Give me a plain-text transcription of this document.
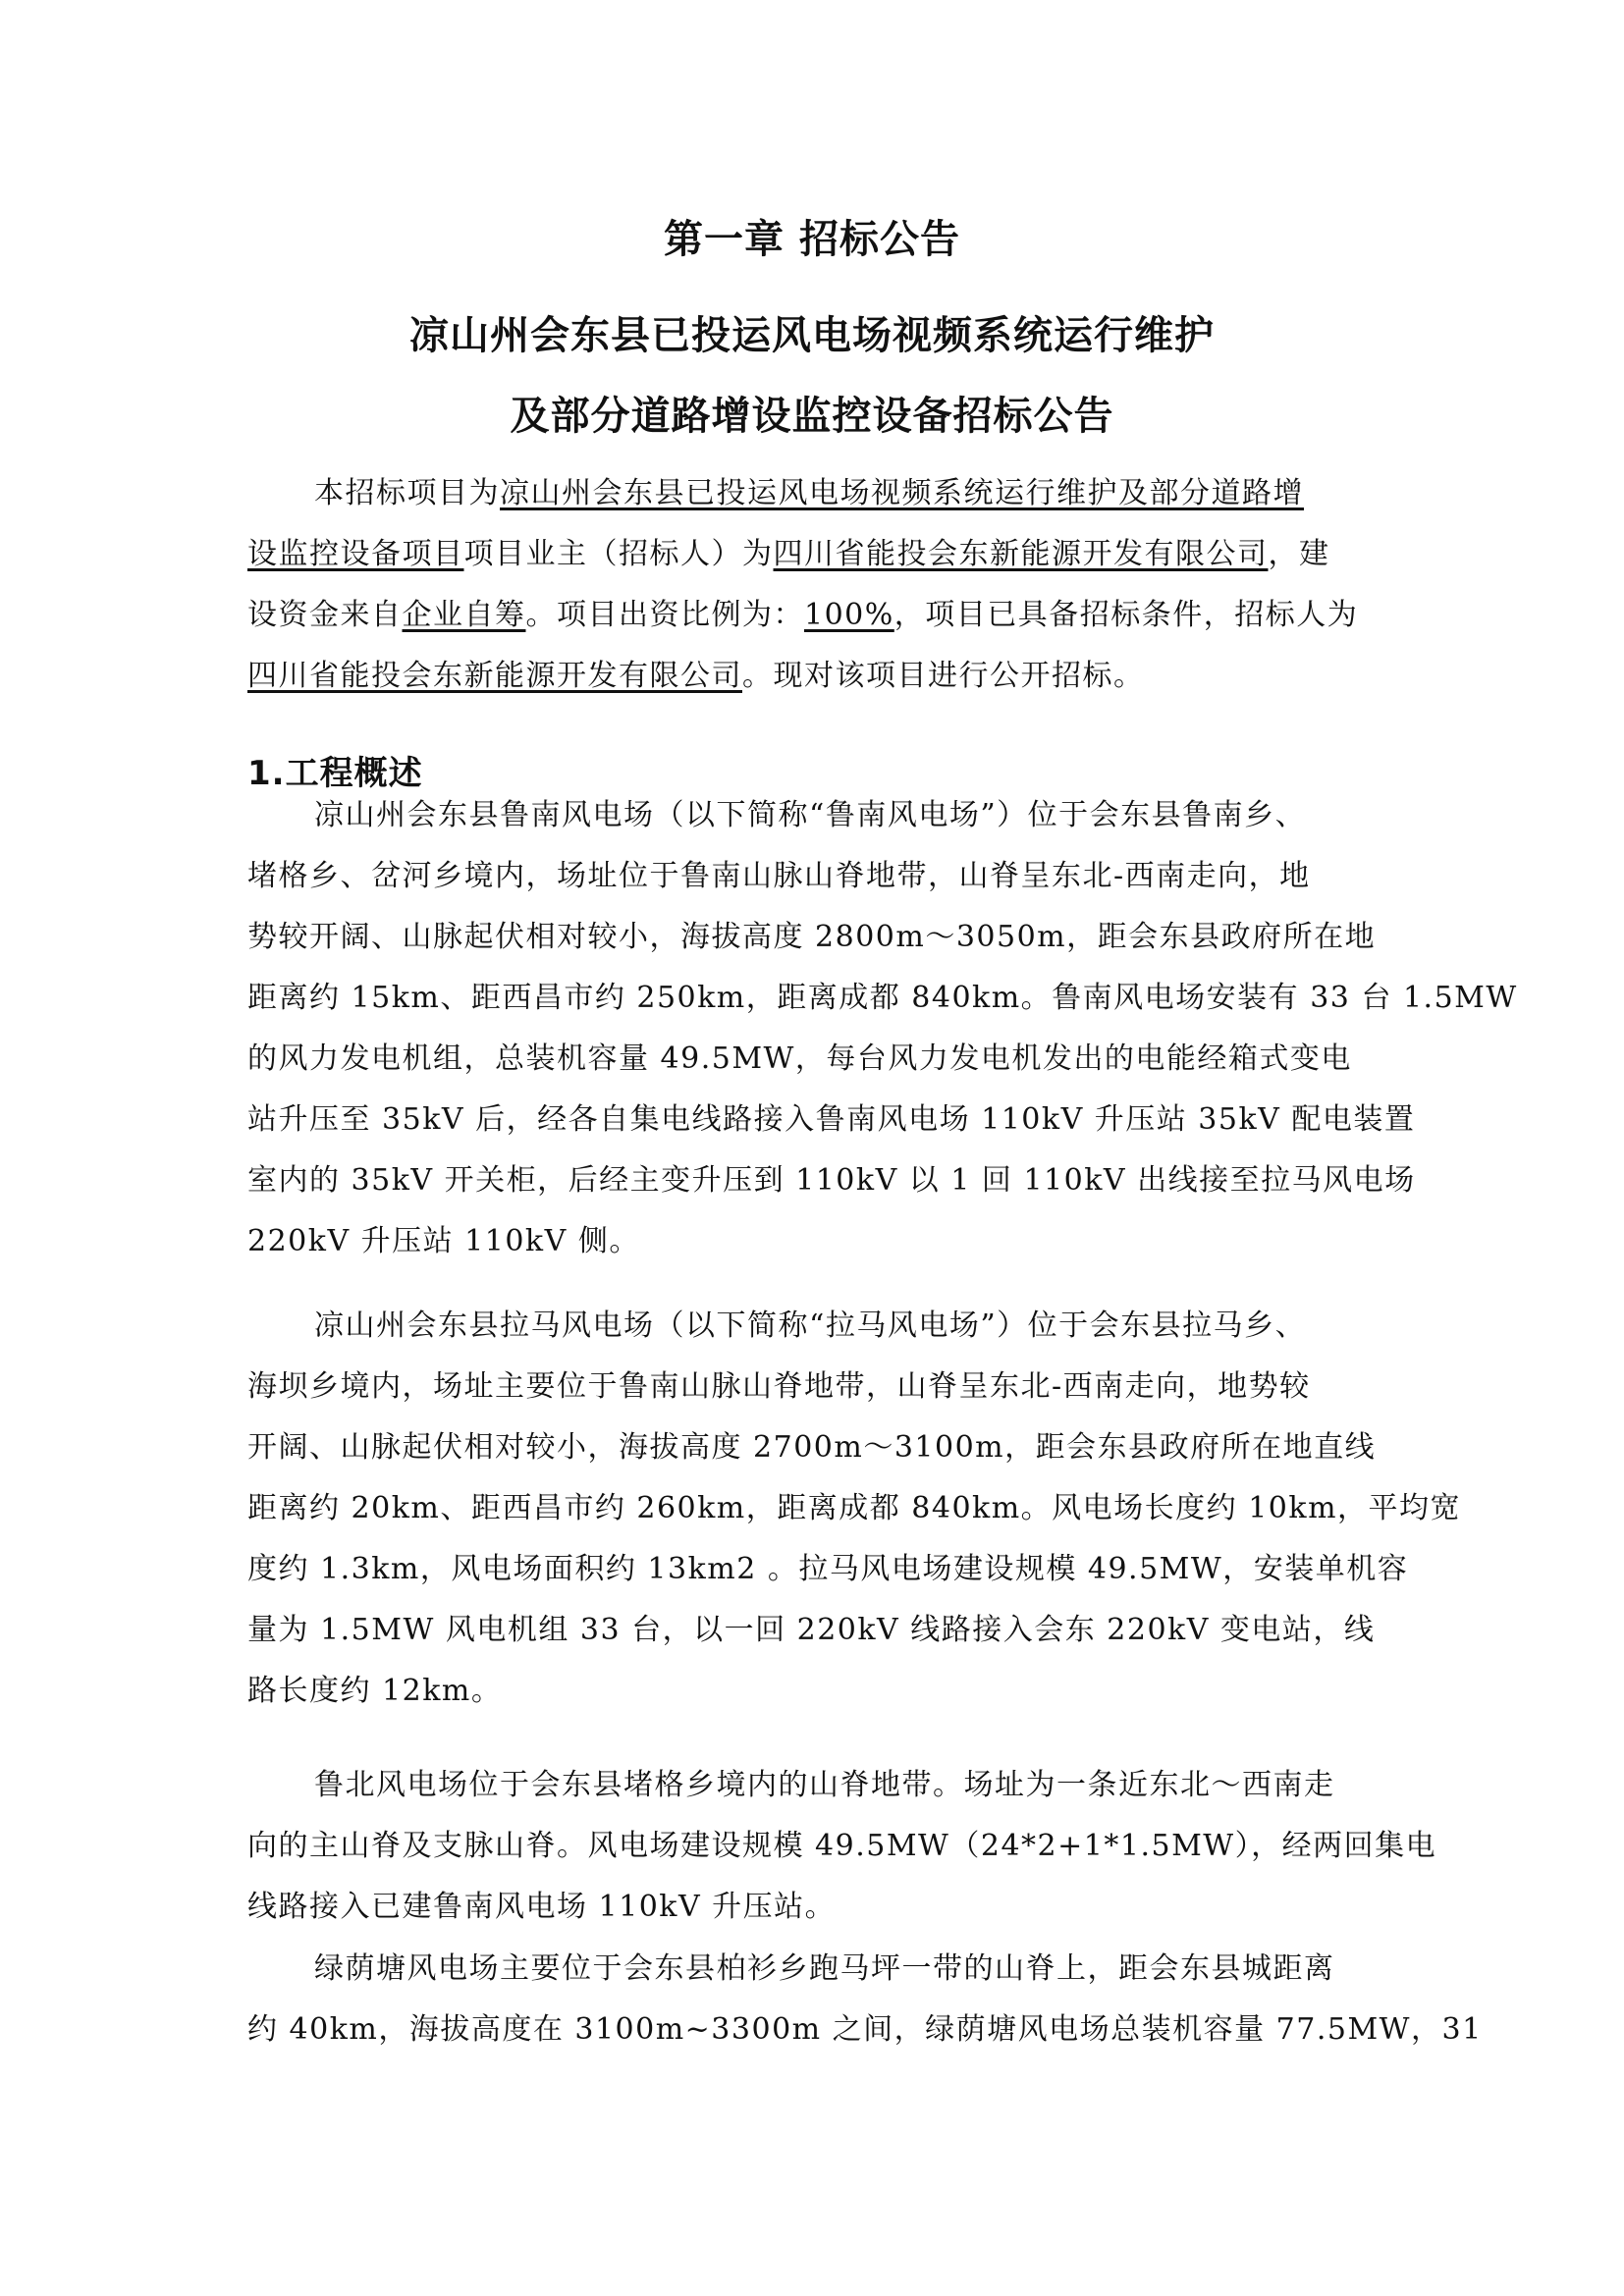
第一章 招标公告
凉山州会东县已投运风电场视频系统运行维护
及部分道路增设监控设备招标公告
本招标项目为凉山州会东县已投运风电场视频系统运行维护及部分道路增
设监控设备项目项目业主（招标人）为四川省能投会东新能源开发有限公司，建
设资金来自企业自筹。项目出资比例为：100%，项目已具备招标条件，招标人为
四川省能投会东新能源开发有限公司。现对该项目进行公开招标。
1.工程概述
凉山州会东县鲁南风电场（以下简称“鲁南风电场”）位于会东县鲁南乡、
堵格乡、岔河乡境内，场址位于鲁南山脉山脊地带，山脊呈东北-西南走向，地
势较开阔、山脉起伏相对较小，海拔高度 2800m～3050m，距会东县政府所在地
距离约 15km、距西昌市约 250km，距离成都 840km。鲁南风电场安装有 33 台 1.5MW
的风力发电机组，总装机容量 49.5MW，每台风力发电机发出的电能经箱式变电
站升压至 35kV 后，经各自集电线路接入鲁南风电场 110kV 升压站 35kV 配电装置
室内的 35kV 开关柜，后经主变升压到 110kV 以 1 回 110kV 出线接至拉马风电场
220kV 升压站 110kV 侧。
凉山州会东县拉马风电场（以下简称“拉马风电场”）位于会东县拉马乡、
海坝乡境内，场址主要位于鲁南山脉山脊地带，山脊呈东北-西南走向，地势较
开阔、山脉起伏相对较小，海拔高度 2700m～3100m，距会东县政府所在地直线
距离约 20km、距西昌市约 260km，距离成都 840km。风电场长度约 10km，平均宽
度约 1.3km，风电场面积约 13km2 。拉马风电场建设规模 49.5MW，安装单机容
量为 1.5MW 风电机组 33 台，以一回 220kV 线路接入会东 220kV 变电站，线
路长度约 12km。
鲁北风电场位于会东县堵格乡境内的山脊地带。场址为一条近东北～西南走
向的主山脊及支脉山脊。风电场建设规模 49.5MW（24*2+1*1.5MW），经两回集电
线路接入已建鲁南风电场 110kV 升压站。
绿荫塘风电场主要位于会东县柏衫乡跑马坪一带的山脊上，距会东县城距离
约 40km，海拔高度在 3100m~3300m 之间，绿荫塘风电场总装机容量 77.5MW，31
